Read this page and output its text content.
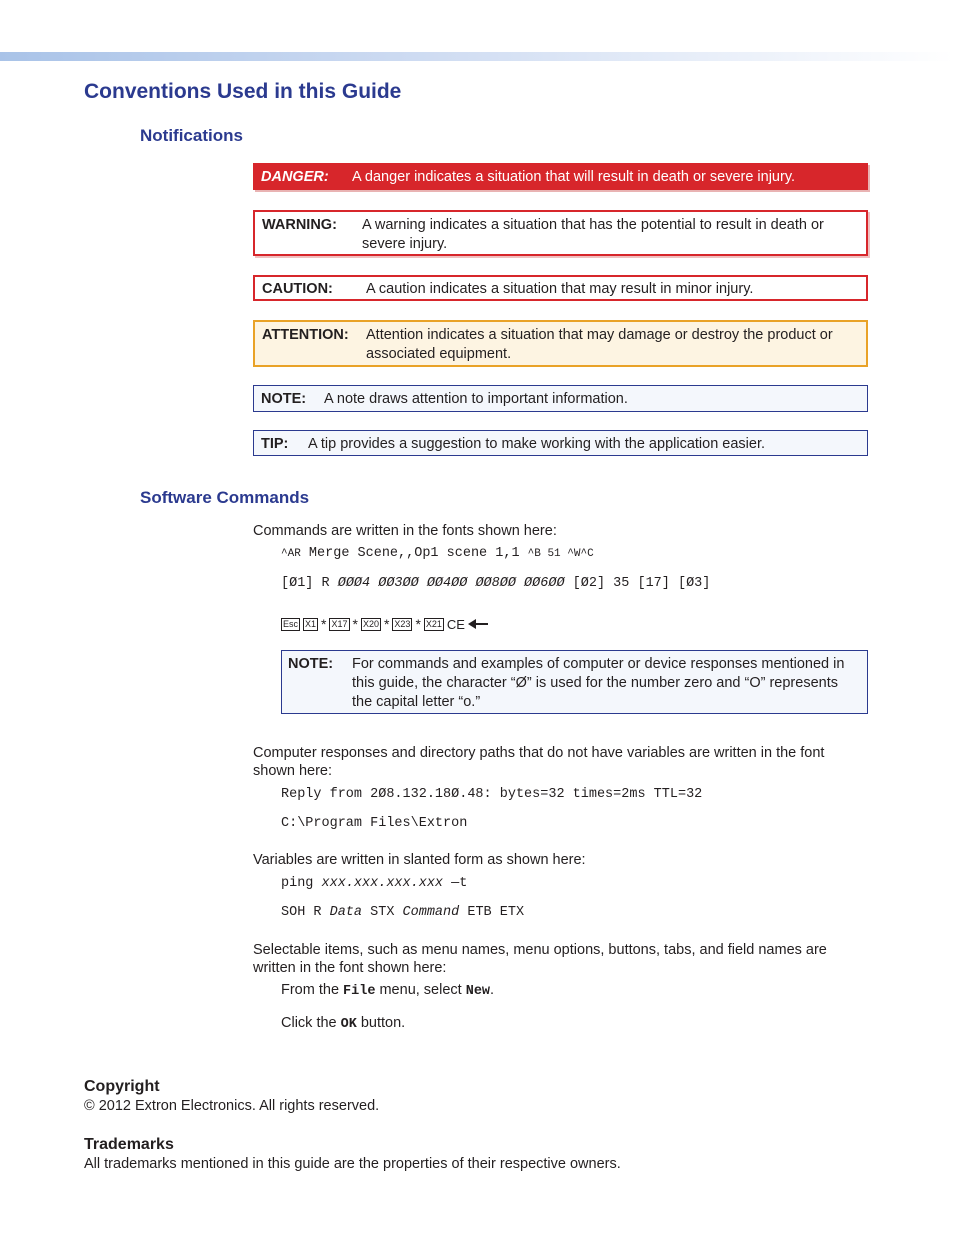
Conventions Used in this Guide
Notifications
DANGER: A danger indicates a situation that will result in death or severe injury.
WARNING: A warning indicates a situation that has the potential to result in death or severe injury.
CAUTION: A caution indicates a situation that may result in minor injury.
ATTENTION: Attention indicates a situation that may damage or destroy the product or associated equipment.
NOTE: A note draws attention to important information.
TIP: A tip provides a suggestion to make working with the application easier.
Software Commands
Commands are written in the fonts shown here:
^AR Merge Scene,,Op1 scene 1,1 ^B 51 ^W^C
[Ø1] R ØØØ4 ØØ3ØØ ØØ4ØØ ØØ8ØØ ØØ6ØØ [Ø2] 35 [17] [Ø3]
Esc X1 * X17 * X20 * X23 * X21 CE
NOTE: For commands and examples of computer or device responses mentioned in this guide, the character “Ø” is used for the number zero and “O” represents the capital letter “o.”
Computer responses and directory paths that do not have variables are written in the font shown here:
Reply from 2Ø8.132.18Ø.48: bytes=32 times=2ms TTL=32
C:\Program Files\Extron
Variables are written in slanted form as shown here:
ping xxx.xxx.xxx.xxx —t
SOH R Data STX Command ETB ETX
Selectable items, such as menu names, menu options, buttons, tabs, and field names are written in the font shown here:
From the File menu, select New.
Click the OK button.
Copyright
© 2012 Extron Electronics. All rights reserved.
Trademarks
All trademarks mentioned in this guide are the properties of their respective owners.
